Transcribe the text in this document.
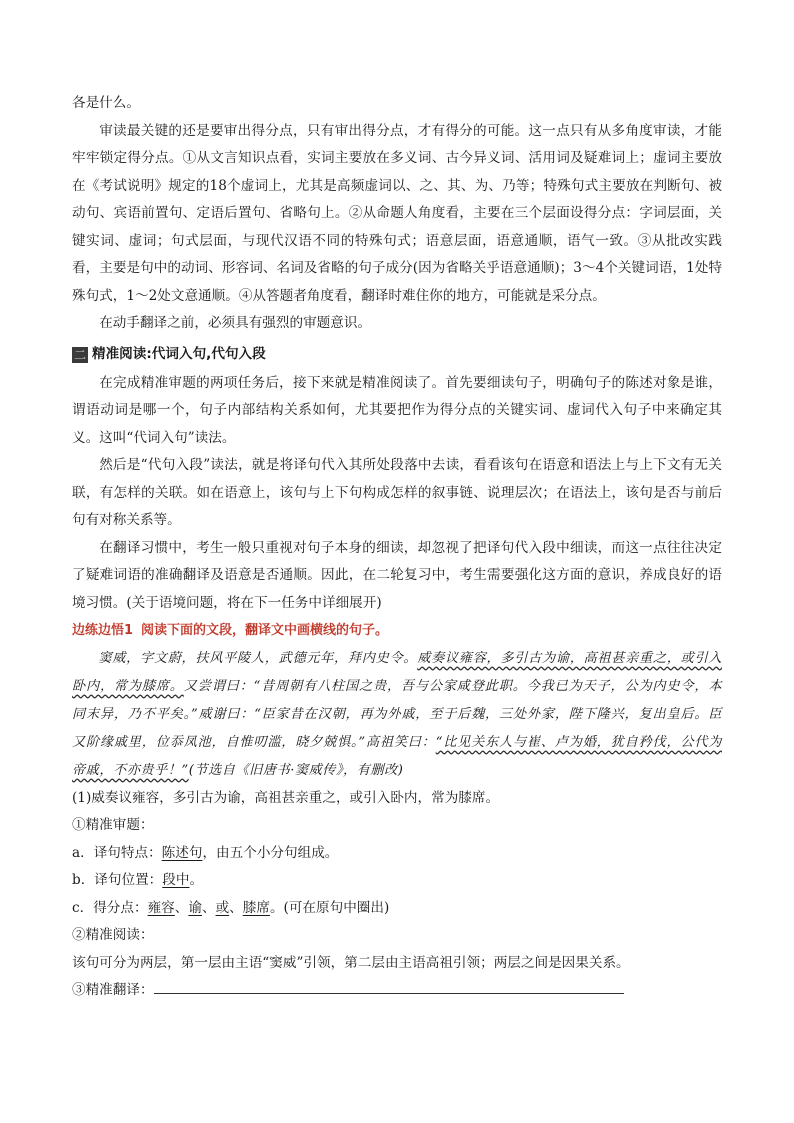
各是什么。

审读最关键的还是要审出得分点，只有审出得分点，才有得分的可能。这一点只有从多角度审读，才能牢牢锁定得分点。①从文言知识点看，实词主要放在多义词、古今异义词、活用词及疑难词上；虚词主要放在《考试说明》规定的18个虚词上，尤其是高频虚词以、之、其、为、乃等；特殊句式主要放在判断句、被动句、宾语前置句、定语后置句、省略句上。②从命题人角度看，主要在三个层面设得分点：字词层面，关键实词、虚词；句式层面，与现代汉语不同的特殊句式；语意层面，语意通顺，语气一致。③从批改实践看，主要是句中的动词、形容词、名词及省略的句子成分(因为省略关乎语意通顺)；3～4个关键词语，1处特殊句式，1～2处文意通顺。④从答题者角度看，翻译时难住你的地方，可能就是采分点。

在动手翻译之前，必须具有强烈的审题意识。

二 精准阅读:代词入句,代句入段

在完成精准审题的两项任务后，接下来就是精准阅读了。首先要细读句子，明确句子的陈述对象是谁，谓语动词是哪一个，句子内部结构关系如何，尤其要把作为得分点的关键实词、虚词代入句子中来确定其义。这叫“代词入句”读法。

然后是“代句入段”读法，就是将译句代入其所处段落中去读，看看该句在语意和语法上与上下文有无关联，有怎样的关联。如在语意上，该句与上下句构成怎样的叙事链、说理层次；在语法上，该句是否与前后句有对称关系等。

在翻译习惯中，考生一般只重视对句子本身的细读，却忽视了把译句代入段中细读，而这一点往往决定了疑难词语的准确翻译及语意是否通顺。因此，在二轮复习中，考生需要强化这方面的意识，养成良好的语境习惯。(关于语境问题，将在下一任务中详细展开)

边练边悟1 阅读下面的文段，翻译文中画横线的句子。

窦威，字文蔚，扶风平陵人，武德元年，拜内史令。威奏议雍容，多引古为谕，高祖甚亲重之，或引入卧内，常为膝席。又尝谓曰：“昔周朝有八柱国之贵，吾与公家咸登此职。今我已为天子，公为内史令，本同末异，乃不平矣。”威谢曰：“臣家昔在汉朝，再为外戚，至于后魏，三处外家，陛下隆兴，复出皇后。臣又阶缘戚里，位忝凤池，自惟叨滥，晓夕兢惧。”高祖笑曰：“比见关东人与崔、卢为婚，犹自矜伐，公代为帝戚，不亦贵乎！”(节选自《旧唐书·窦威传》，有删改)

(1)威奏议雍容，多引古为谕，高祖甚亲重之，或引入卧内，常为膝席。

①精准审题：

a．译句特点：陈述句，由五个小分句组成。

b．译句位置：段中。

c．得分点：雍容、谕、或、膝席。(可在原句中圈出)

②精准阅读：

该句可分为两层，第一层由主语“窦威”引领，第二层由主语高祖引领；两层之间是因果关系。

③精准翻译：
